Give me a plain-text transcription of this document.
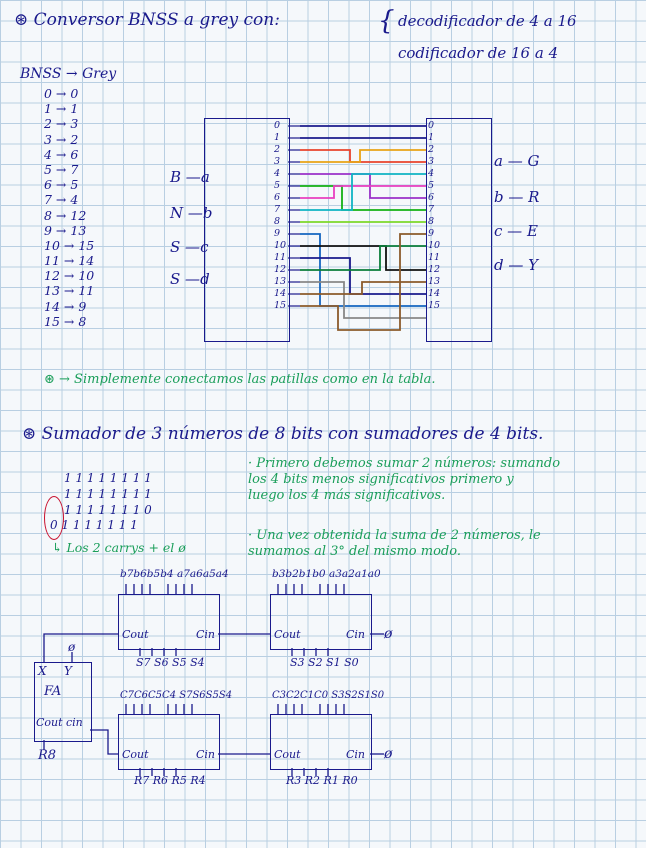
⊛ Conversor BNSS a grey con:	{ decodificador de 4 a 16
codificador de 16 a 4
BNSS → Grey
0 → 0
1 → 1
2 → 3
3 → 2
4 → 6
5 → 7
6 → 5
7 → 4
8 → 12
9 → 13
10 → 15
11 → 14
12 → 10
13 → 11
14 → 9
15 → 8
B —a
N —b
S —c
S —d
a — G
b — R
c — E
d — Y
0
1
2
3
4
5
6
7
8
9
10
11
12
13
14
15
0
1
2
3
4
5
6
7
8
9
10
11
12
13
14
15
⊛ → Simplemente conectamos las patillas como en la tabla.
⊛ Sumador de 3 números de 8 bits con sumadores de 4 bits.
1 1 1 1 1 1 1 1
1 1 1 1 1 1 1 1
1 1 1 1 1 1 1 0
0 1 1 1 1 1 1 1
↳ Los 2 carrys + el ø
· Primero debemos sumar 2 números: sumando
los 4 bits menos significativos primero y
luego los 4 más significativos.
· Una vez obtenida la suma de 2 números, le
sumamos al 3° del mismo modo.
b7b6b5b4 a7a6a5a4	b3b2b1b0 a3a2a1a0
Cout	Cin	Cout	Cin ø
S7 S6 S5 S4	S3 S2 S1 S0
C7C6C5C4 S7S6S5S4	C3C2C1C0 S3S2S1S0
Cout	Cin	Cout	Cin ø
R7 R6 R5 R4	R3 R2 R1 R0
X Y
FA
Cout cin
ø
R8
